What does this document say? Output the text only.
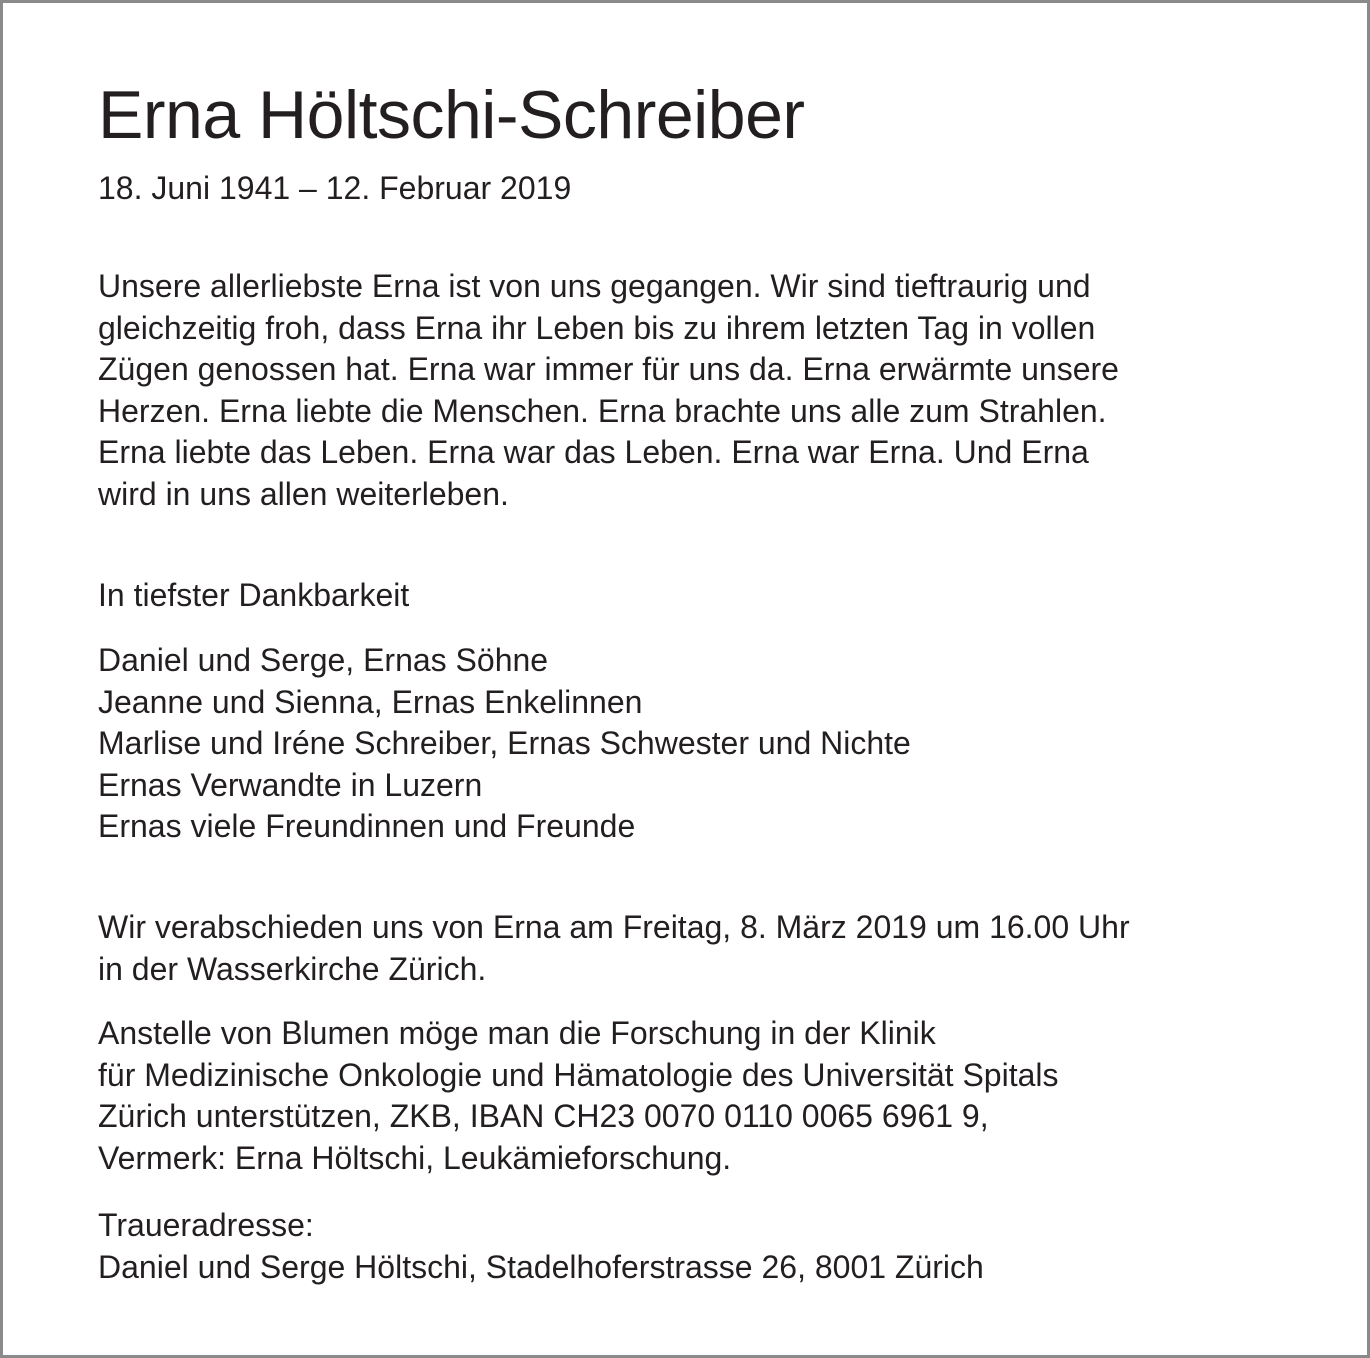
Erna Höltschi-Schreiber
18. Juni 1941 – 12. Februar 2019
Unsere allerliebste Erna ist von uns gegangen. Wir sind tieftraurig und
gleichzeitig froh, dass Erna ihr Leben bis zu ihrem letzten Tag in vollen
Zügen genossen hat. Erna war immer für uns da. Erna erwärmte unsere
Herzen. Erna liebte die Menschen. Erna brachte uns alle zum Strahlen.
Erna liebte das Leben. Erna war das Leben. Erna war Erna. Und Erna
wird in uns allen weiterleben.
In tiefster Dankbarkeit
Daniel und Serge, Ernas Söhne
Jeanne und Sienna, Ernas Enkelinnen
Marlise und Iréne Schreiber, Ernas Schwester und Nichte
Ernas Verwandte in Luzern
Ernas viele Freundinnen und Freunde
Wir verabschieden uns von Erna am Freitag, 8. März 2019 um 16.00 Uhr
in der Wasserkirche Zürich.
Anstelle von Blumen möge man die Forschung in der Klinik
für Medizinische Onkologie und Hämatologie des Universität Spitals
Zürich unterstützen, ZKB, IBAN CH23 0070 0110 0065 6961 9,
Vermerk: Erna Höltschi, Leukämieforschung.
Traueradresse:
Daniel und Serge Höltschi, Stadelhoferstrasse 26, 8001 Zürich
